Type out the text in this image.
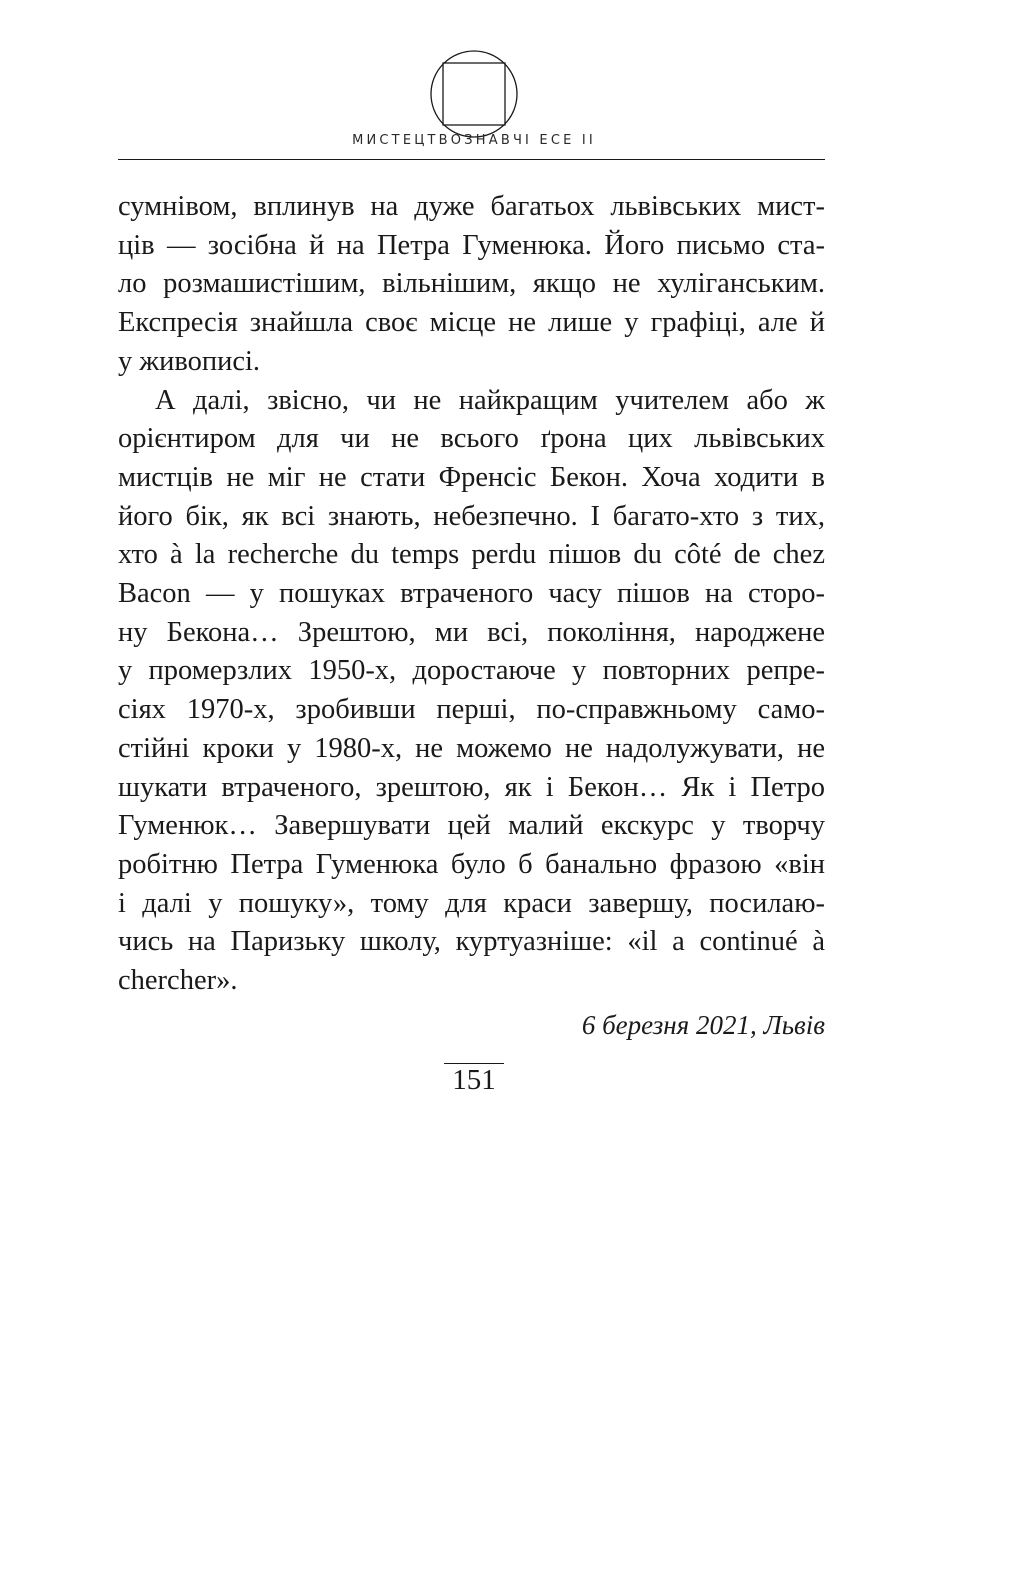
МИСТЕЦТВОЗНАВЧІ ЕСЕ ІІ
сумнівом, вплинув на дуже багатьох львівських мист-
ців — зосібна й на Петра Гуменюка. Його письмо ста-
ло розмашистішим, вільнішим, якщо не хуліганським.
Експресія знайшла своє місце не лише у графіці, але й
у живописі.
А далі, звісно, чи не найкращим учителем або ж
орієнтиром для чи не всього ґрона цих львівських
мистців не міг не стати Френсіс Бекон. Хоча ходити в
його бік, як всі знають, небезпечно. І багато-хто з тих,
хто à la recherche du temps perdu пішов du côté de chez
Bacon — у пошуках втраченого часу пішов на сторо-
ну Бекона… Зрештою, ми всі, покоління, народжене
у промерзлих 1950-х, доростаюче у повторних репре-
сіях 1970-х, зробивши перші, по-справжньому само-
стійні кроки у 1980-х, не можемо не надолужувати, не
шукати втраченого, зрештою, як і Бекон… Як і Петро
Гуменюк… Завершувати цей малий екскурс у творчу
робітню Петра Гуменюка було б банально фразою «він
і далі у пошуку», тому для краси завершу, посилаю-
чись на Паризьку школу, куртуазніше: «il a continué à
chercher».
6 березня 2021, Львів
151
